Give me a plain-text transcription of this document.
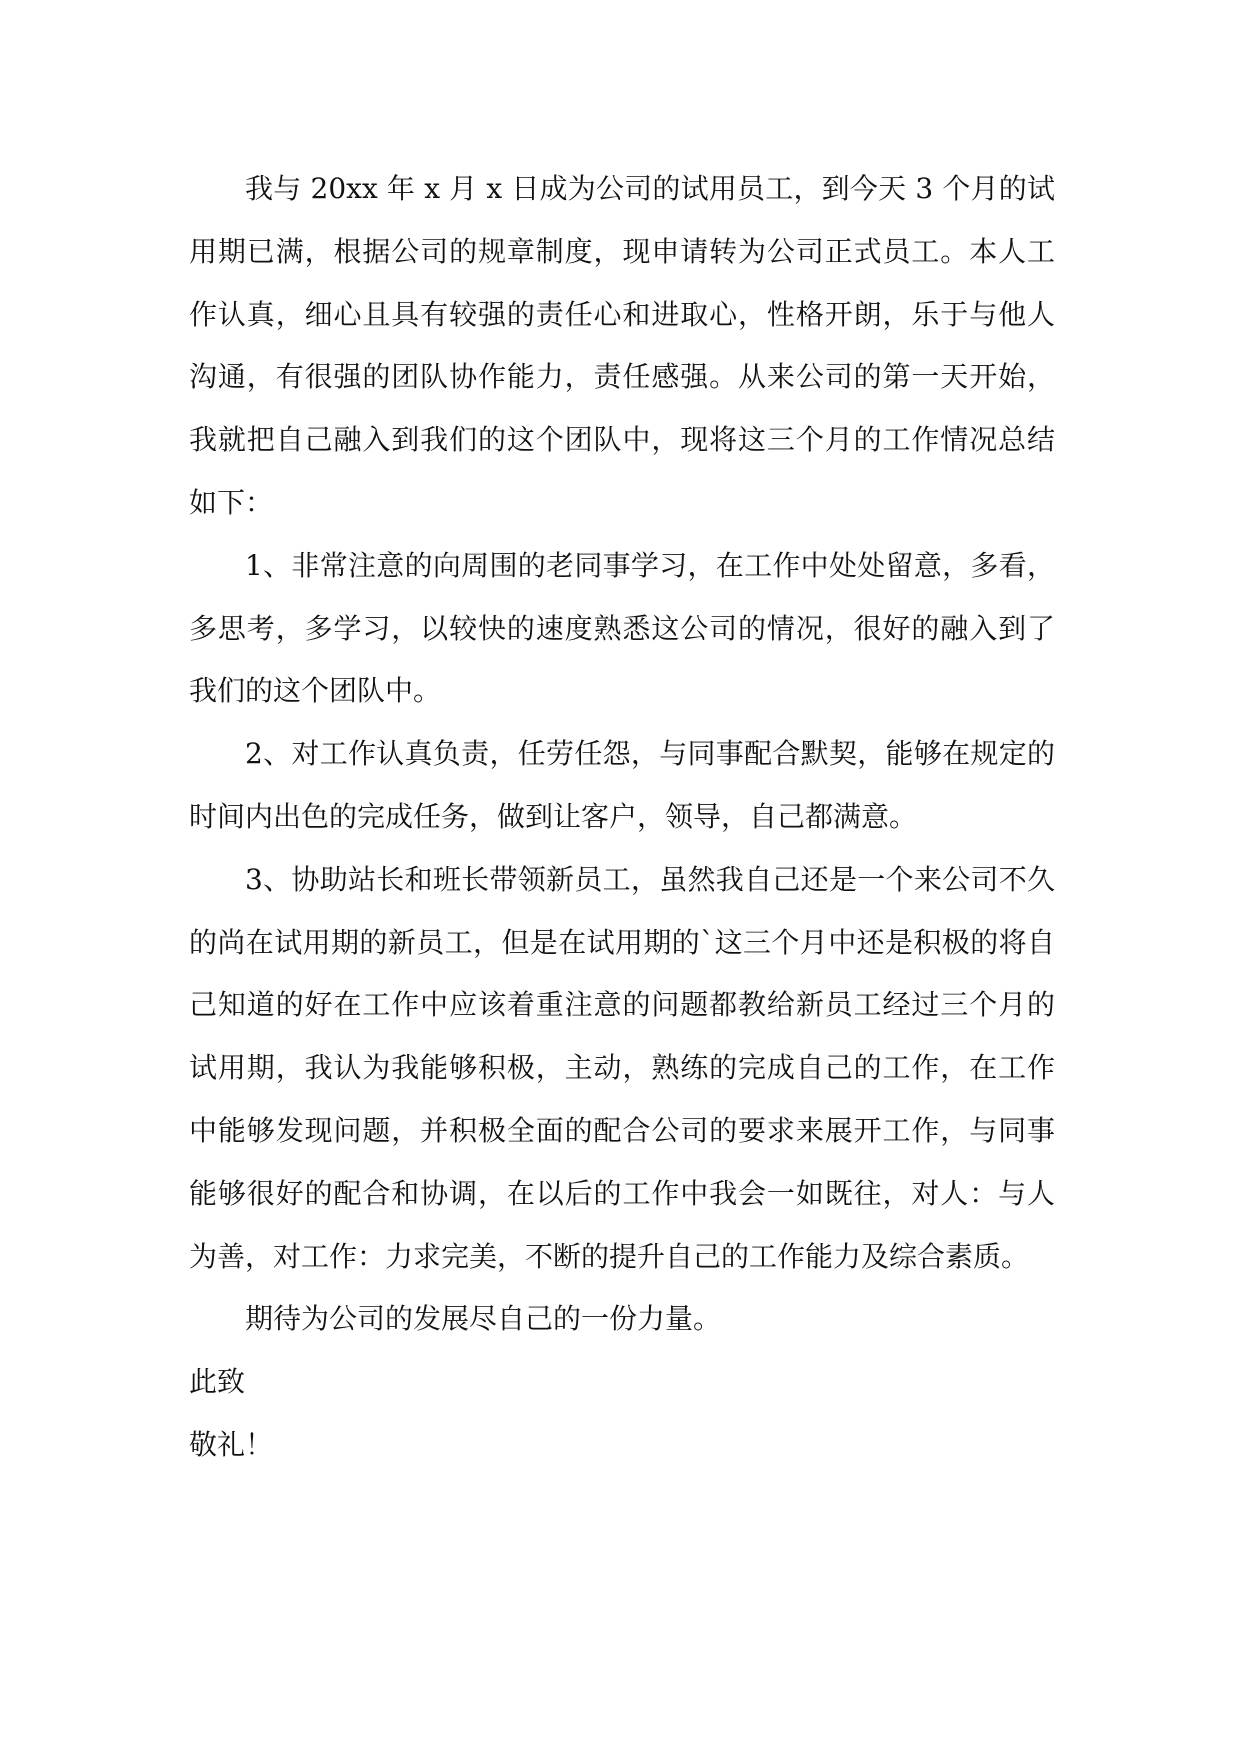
我与 20xx 年 x 月 x 日成为公司的试用员工，到今天 3 个月的试用期已满，根据公司的规章制度，现申请转为公司正式员工。本人工作认真，细心且具有较强的责任心和进取心，性格开朗，乐于与他人沟通，有很强的团队协作能力，责任感强。从来公司的第一天开始，我就把自己融入到我们的这个团队中，现将这三个月的工作情况总结如下：

1、非常注意的向周围的老同事学习，在工作中处处留意，多看，多思考，多学习，以较快的速度熟悉这公司的情况，很好的融入到了我们的这个团队中。

2、对工作认真负责，任劳任怨，与同事配合默契，能够在规定的时间内出色的完成任务，做到让客户，领导，自己都满意。

3、协助站长和班长带领新员工，虽然我自己还是一个来公司不久的尚在试用期的新员工，但是在试用期的`这三个月中还是积极的将自己知道的好在工作中应该着重注意的问题都教给新员工经过三个月的试用期，我认为我能够积极，主动，熟练的完成自己的工作，在工作中能够发现问题，并积极全面的配合公司的要求来展开工作，与同事能够很好的配合和协调，在以后的工作中我会一如既往，对人：与人为善，对工作：力求完美，不断的提升自己的工作能力及综合素质。

期待为公司的发展尽自己的一份力量。

此致

敬礼！
